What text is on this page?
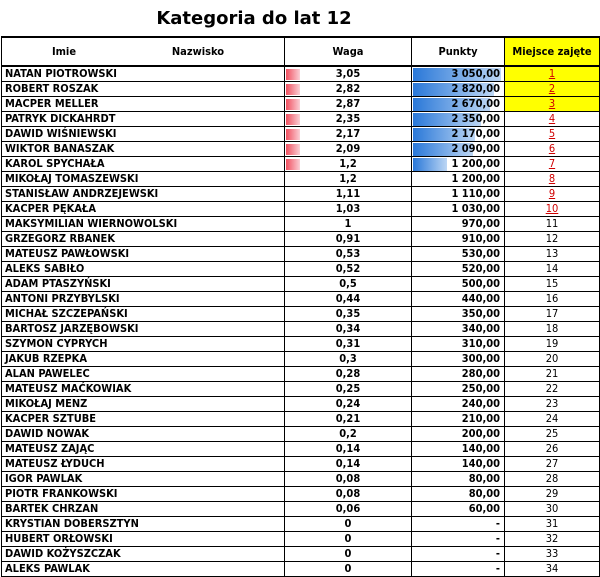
Kategoria do lat 12
Imie Nazwisko	Waga	Punkty	Miejsce zajęte
NATAN PIOTROWSKI	3,05	3 050,00	1
ROBERT ROSZAK	2,82	2 820,00	2
MACPER MELLER	2,87	2 670,00	3
PATRYK DICKAHRDT	2,35	2 350,00	4
DAWID WIŚNIEWSKI	2,17	2 170,00	5
WIKTOR BANASZAK	2,09	2 090,00	6
KAROL SPYCHAŁA	1,2	1 200,00	7
MIKOŁAJ TOMASZEWSKI	1,2	1 200,00	8
STANISŁAW ANDRZEJEWSKI	1,11	1 110,00	9
KACPER PĘKAŁA	1,03	1 030,00	10
MAKSYMILIAN WIERNOWOLSKI	1	970,00	11
GRZEGORZ RBANEK	0,91	910,00	12
MATEUSZ PAWŁOWSKI	0,53	530,00	13
ALEKS SABIŁO	0,52	520,00	14
ADAM PTASZYŃSKI	0,5	500,00	15
ANTONI PRZYBYLSKI	0,44	440,00	16
MICHAŁ SZCZEPAŃSKI	0,35	350,00	17
BARTOSZ JARZĘBOWSKI	0,34	340,00	18
SZYMON CYPRYCH	0,31	310,00	19
JAKUB RZEPKA	0,3	300,00	20
ALAN PAWELEC	0,28	280,00	21
MATEUSZ MAĆKOWIAK	0,25	250,00	22
MIKOŁAJ MENZ	0,24	240,00	23
KACPER SZTUBE	0,21	210,00	24
DAWID NOWAK	0,2	200,00	25
MATEUSZ ZAJĄC	0,14	140,00	26
MATEUSZ ŁYDUCH	0,14	140,00	27
IGOR PAWLAK	0,08	80,00	28
PIOTR FRANKOWSKI	0,08	80,00	29
BARTEK CHRZAN	0,06	60,00	30
KRYSTIAN DOBERSZTYN	0	-	31
HUBERT ORŁOWSKI	0	-	32
DAWID KOŻYSZCZAK	0	-	33
ALEKS PAWLAK	0	-	34
